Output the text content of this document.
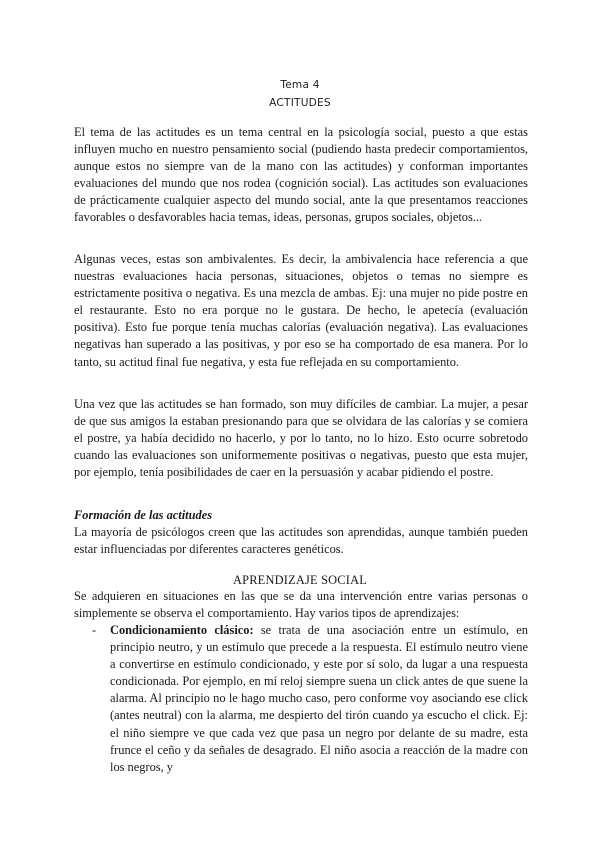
Tema 4
ACTITUDES

El tema de las actitudes es un tema central en la psicología social, puesto a que estas influyen mucho en nuestro pensamiento social (pudiendo hasta predecir comportamientos, aunque estos no siempre van de la mano con las actitudes) y conforman importantes evaluaciones del mundo que nos rodea (cognición social). Las actitudes son evaluaciones de prácticamente cualquier aspecto del mundo social, ante la que presentamos reacciones favorables o desfavorables hacia temas, ideas, personas, grupos sociales, objetos...

Algunas veces, estas son ambivalentes. Es decir, la ambivalencia hace referencia a que nuestras evaluaciones hacia personas, situaciones, objetos o temas no siempre es estrictamente positiva o negativa. Es una mezcla de ambas. Ej: una mujer no pide postre en el restaurante. Esto no era porque no le gustara. De hecho, le apetecía (evaluación positiva). Esto fue porque tenía muchas calorías (evaluación negativa). Las evaluaciones negativas han superado a las positivas, y por eso se ha comportado de esa manera. Por lo tanto, su actitud final fue negativa, y esta fue reflejada en su comportamiento.

Una vez que las actitudes se han formado, son muy difíciles de cambiar. La mujer, a pesar de que sus amigos la estaban presionando para que se olvidara de las calorías y se comiera el postre, ya había decidido no hacerlo, y por lo tanto, no lo hizo. Esto ocurre sobretodo cuando las evaluaciones son uniformemente positivas o negativas, puesto que esta mujer, por ejemplo, tenía posibilidades de caer en la persuasión y acabar pidiendo el postre.

Formación de las actitudes
La mayoría de psicólogos creen que las actitudes son aprendidas, aunque también pueden estar influenciadas por diferentes caracteres genéticos.
APRENDIZAJE SOCIAL

Se adquieren en situaciones en las que se da una intervención entre varias personas o simplemente se observa el comportamiento. Hay varios tipos de aprendizajes:

- Condicionamiento clásico: se trata de una asociación entre un estímulo, en principio neutro, y un estímulo que precede a la respuesta. El estímulo neutro viene a convertirse en estímulo condicionado, y este por sí solo, da lugar a una respuesta condicionada. Por ejemplo, en mí reloj siempre suena un click antes de que suene la alarma. Al principio no le hago mucho caso, pero conforme voy asociando ese click (antes neutral) con la alarma, me despierto del tirón cuando ya escucho el click. Ej: el niño siempre ve que cada vez que pasa un negro por delante de su madre, esta frunce el ceño y da señales de desagrado. El niño asocia a reacción de la madre con los negros, y
